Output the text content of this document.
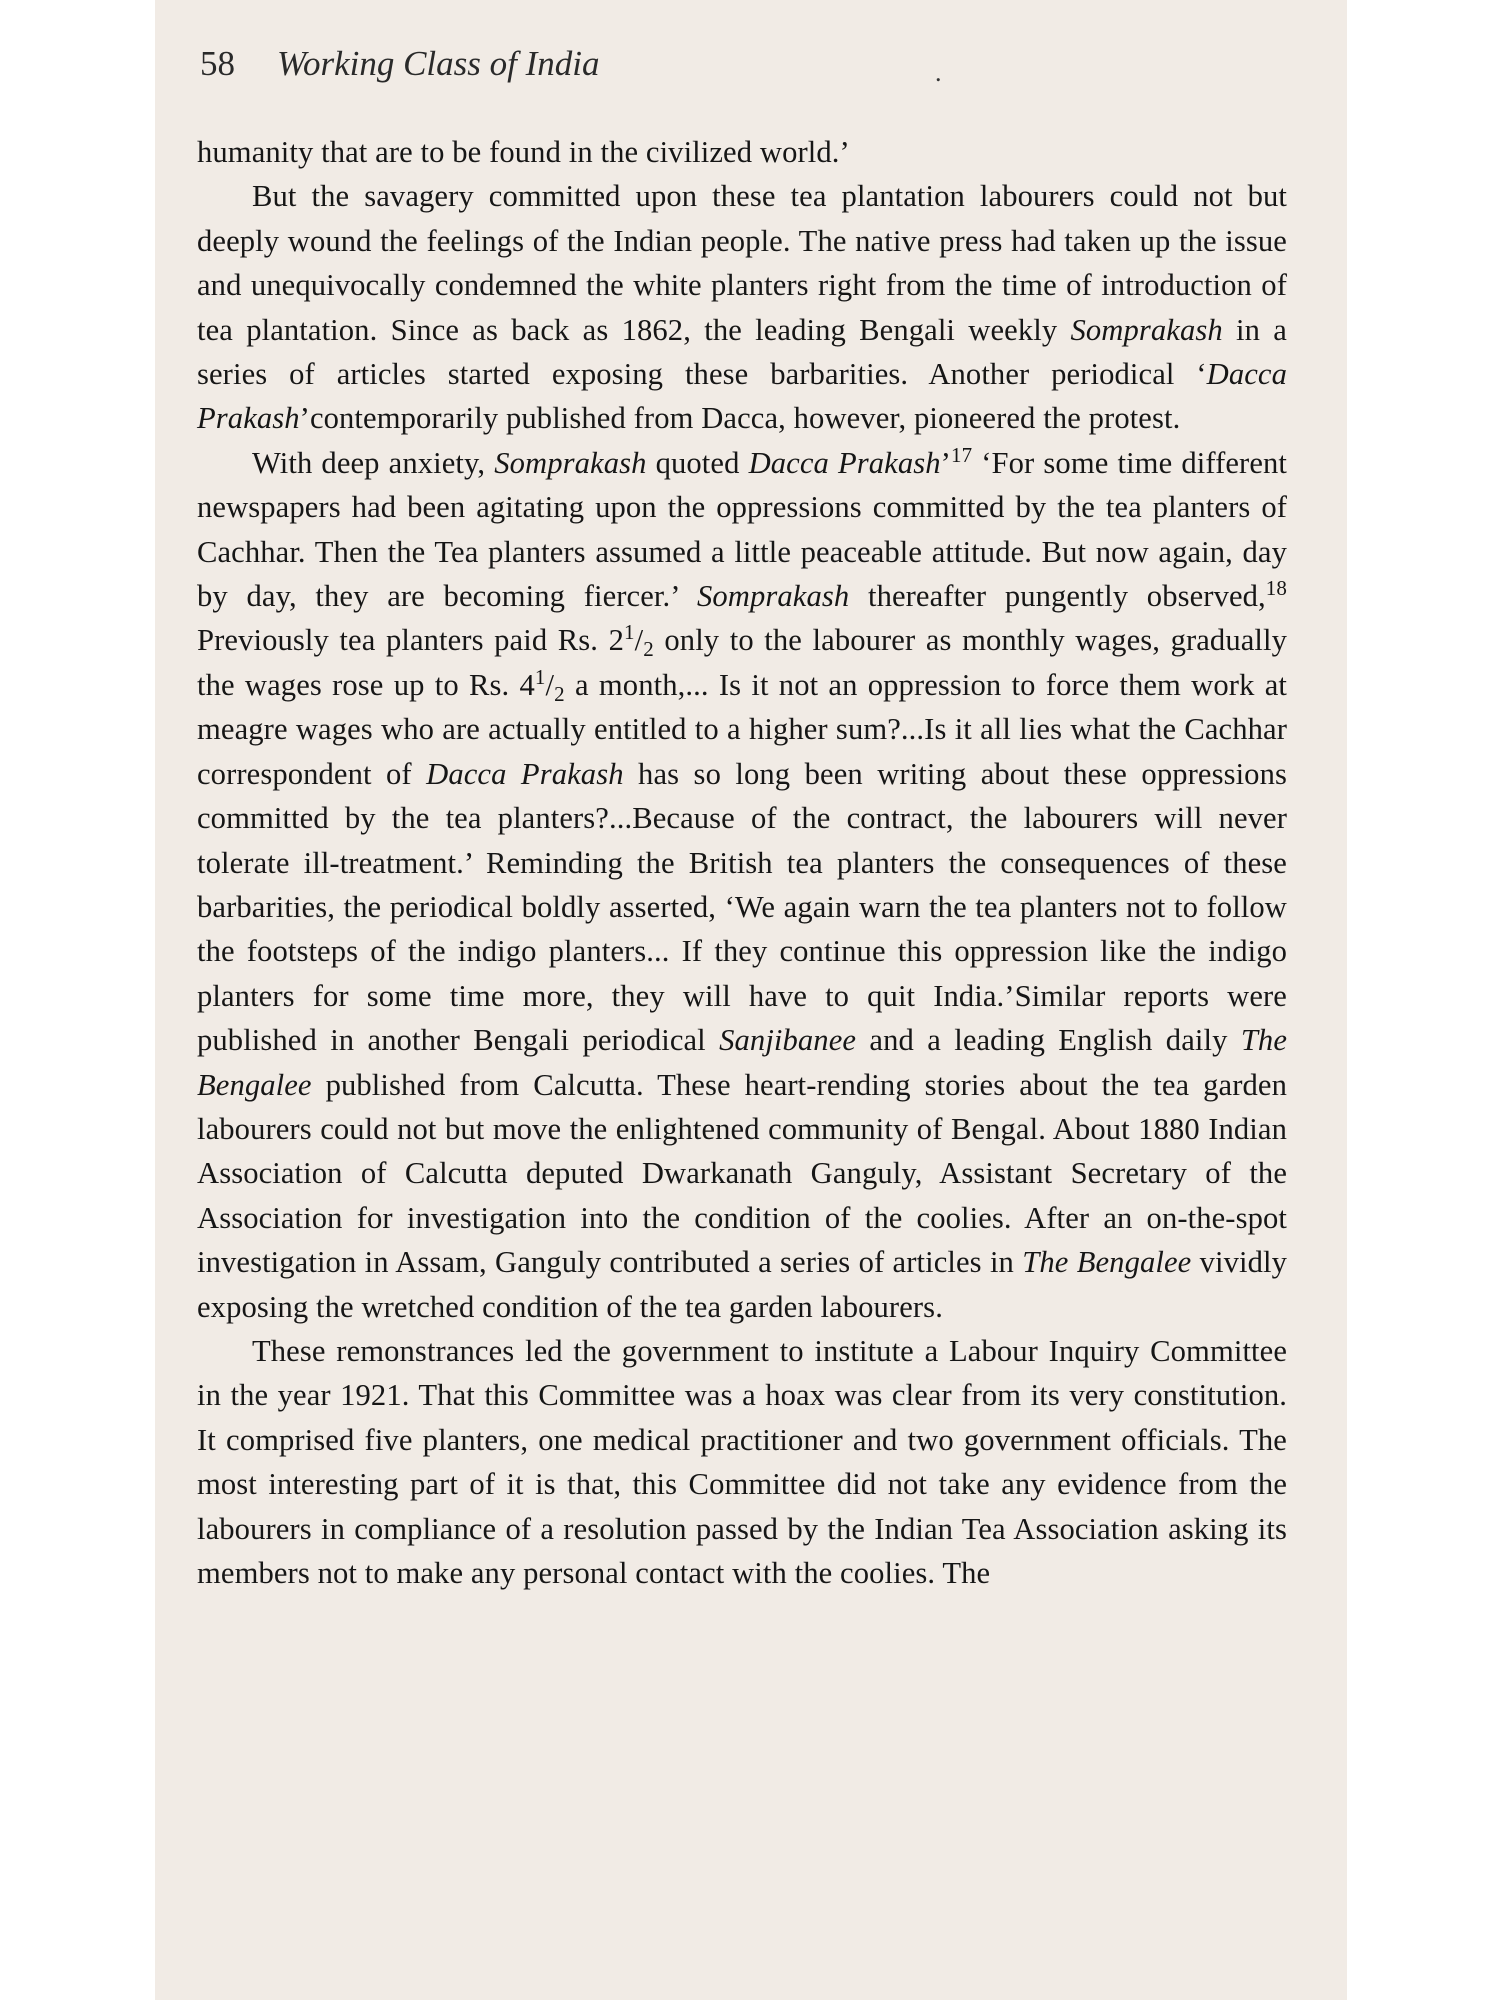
58 Working Class of India	.

humanity that are to be found in the civilized world.’

But the savagery committed upon these tea plantation labourers could not but deeply wound the feelings of the Indian people. The native press had taken up the issue and unequivocally condemned the white planters right from the time of introduction of tea plantation. Since as back as 1862, the leading Bengali weekly Somprakash in a series of articles started exposing these barbarities. Another periodical ‘Dacca Prakash’contemporarily published from Dacca, however, pioneered the protest.

With deep anxiety, Somprakash quoted Dacca Prakash’$^{17}$ ‘For some time different newspapers had been agitating upon the oppressions committed by the tea planters of Cachhar. Then the Tea planters assumed a little peaceable attitude. But now again, day by day, they are becoming fiercer.’ Somprakash thereafter pungently observed,$^{18}$ Previously tea planters paid Rs. $2^1/_2$ only to the labourer as monthly wages, gradually the wages rose up to Rs. $4^1/_2$ a month,... Is it not an oppression to force them work at meagre wages who are actually entitled to a higher sum?...Is it all lies what the Cachhar correspondent of Dacca Prakash has so long been writing about these oppressions committed by the tea planters?...Because of the contract, the labourers will never tolerate ill-treatment.’ Reminding the British tea planters the consequences of these barbarities, the periodical boldly asserted, ‘We again warn the tea planters not to follow the footsteps of the indigo planters... If they continue this oppression like the indigo planters for some time more, they will have to quit India.’Similar reports were published in another Bengali periodical Sanjibanee and a leading English daily The Bengalee published from Calcutta. These heart-rending stories about the tea garden labourers could not but move the enlightened community of Bengal. About 1880 Indian Association of Calcutta deputed Dwarkanath Ganguly, Assistant Secretary of the Association for investigation into the condition of the coolies. After an on-the-spot investigation in Assam, Ganguly contributed a series of articles in The Bengalee vividly exposing the wretched condition of the tea garden labourers.

These remonstrances led the government to institute a Labour Inquiry Committee in the year 1921. That this Committee was a hoax was clear from its very constitution. It comprised five planters, one medical practitioner and two government officials. The most interesting part of it is that, this Committee did not take any evidence from the labourers in compliance of a resolution passed by the Indian Tea Association asking its members not to make any personal contact with the coolies. The
